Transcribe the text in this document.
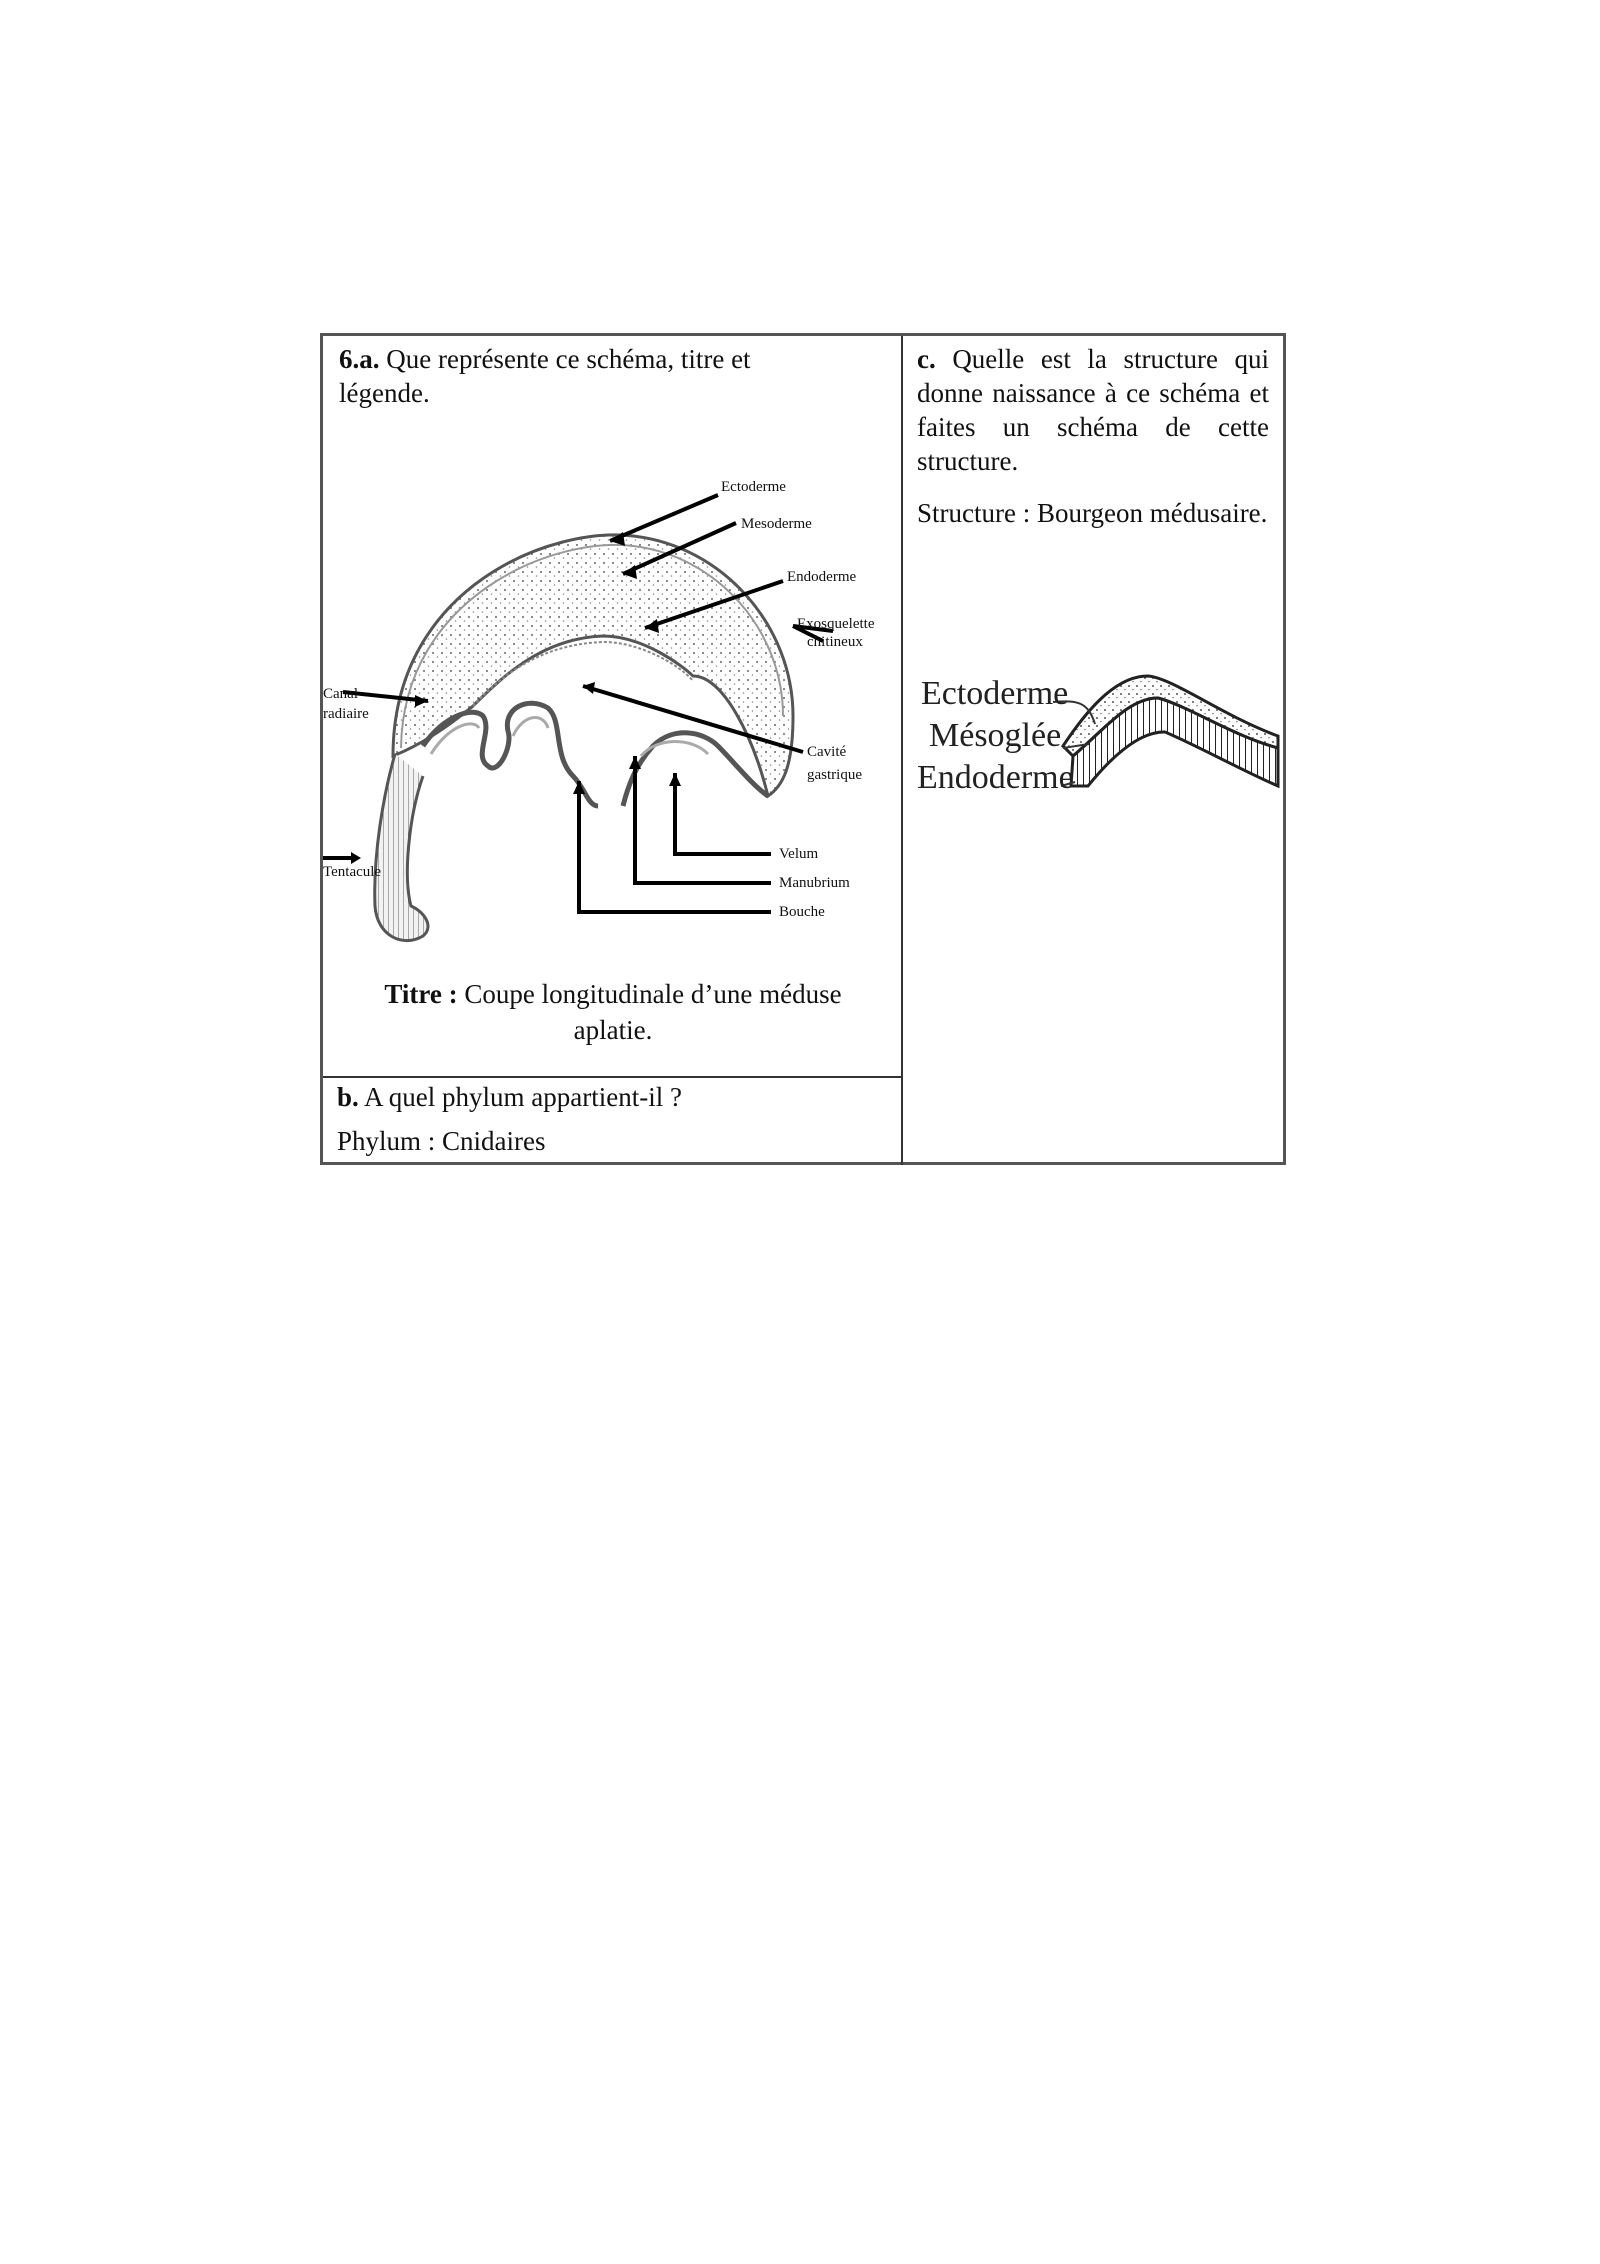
6.a. Que représente ce schéma, titre et légende.

Ectoderme
Mesoderme
Endoderme
Exosquelette
chitineux
Canal
radiaire
Cavité
gastrique
Tentacule
Velum
Manubrium
Bouche

Titre : Coupe longitudinale d’une méduse aplatie.

b. A quel phylum appartient-il ?

Phylum : Cnidaires

c. Quelle est la structure qui donne naissance à ce schéma et faites un schéma de cette structure.

Structure : Bourgeon médusaire.

Ectoderme
Mésoglée
Endoderme
